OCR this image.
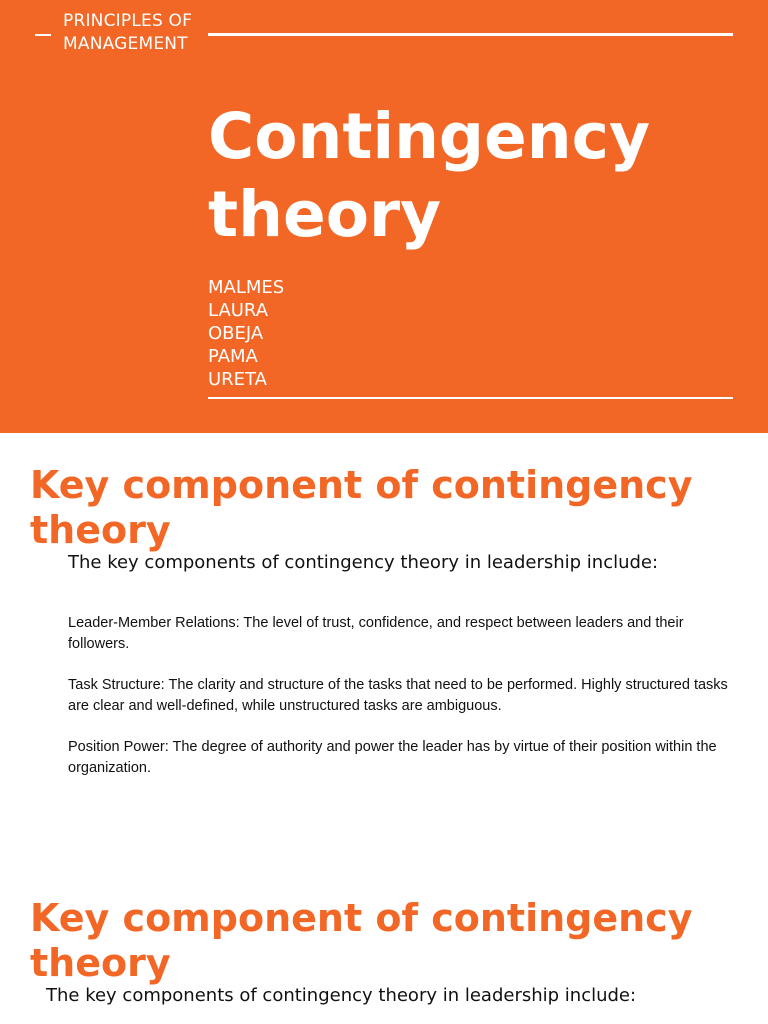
PRINCIPLES OF
MANAGEMENT
Contingency
theory
MALMES
LAURA
OBEJA
PAMA
URETA
Key component of contingency theory

The key components of contingency theory in leadership include:

Leader-Member Relations: The level of trust, confidence, and respect between leaders and their followers.
Task Structure: The clarity and structure of the tasks that need to be performed. Highly structured tasks are clear and well-defined, while unstructured tasks are ambiguous.
Position Power: The degree of authority and power the leader has by virtue of their position within the organization.
Key component of contingency theory

The key components of contingency theory in leadership include:
